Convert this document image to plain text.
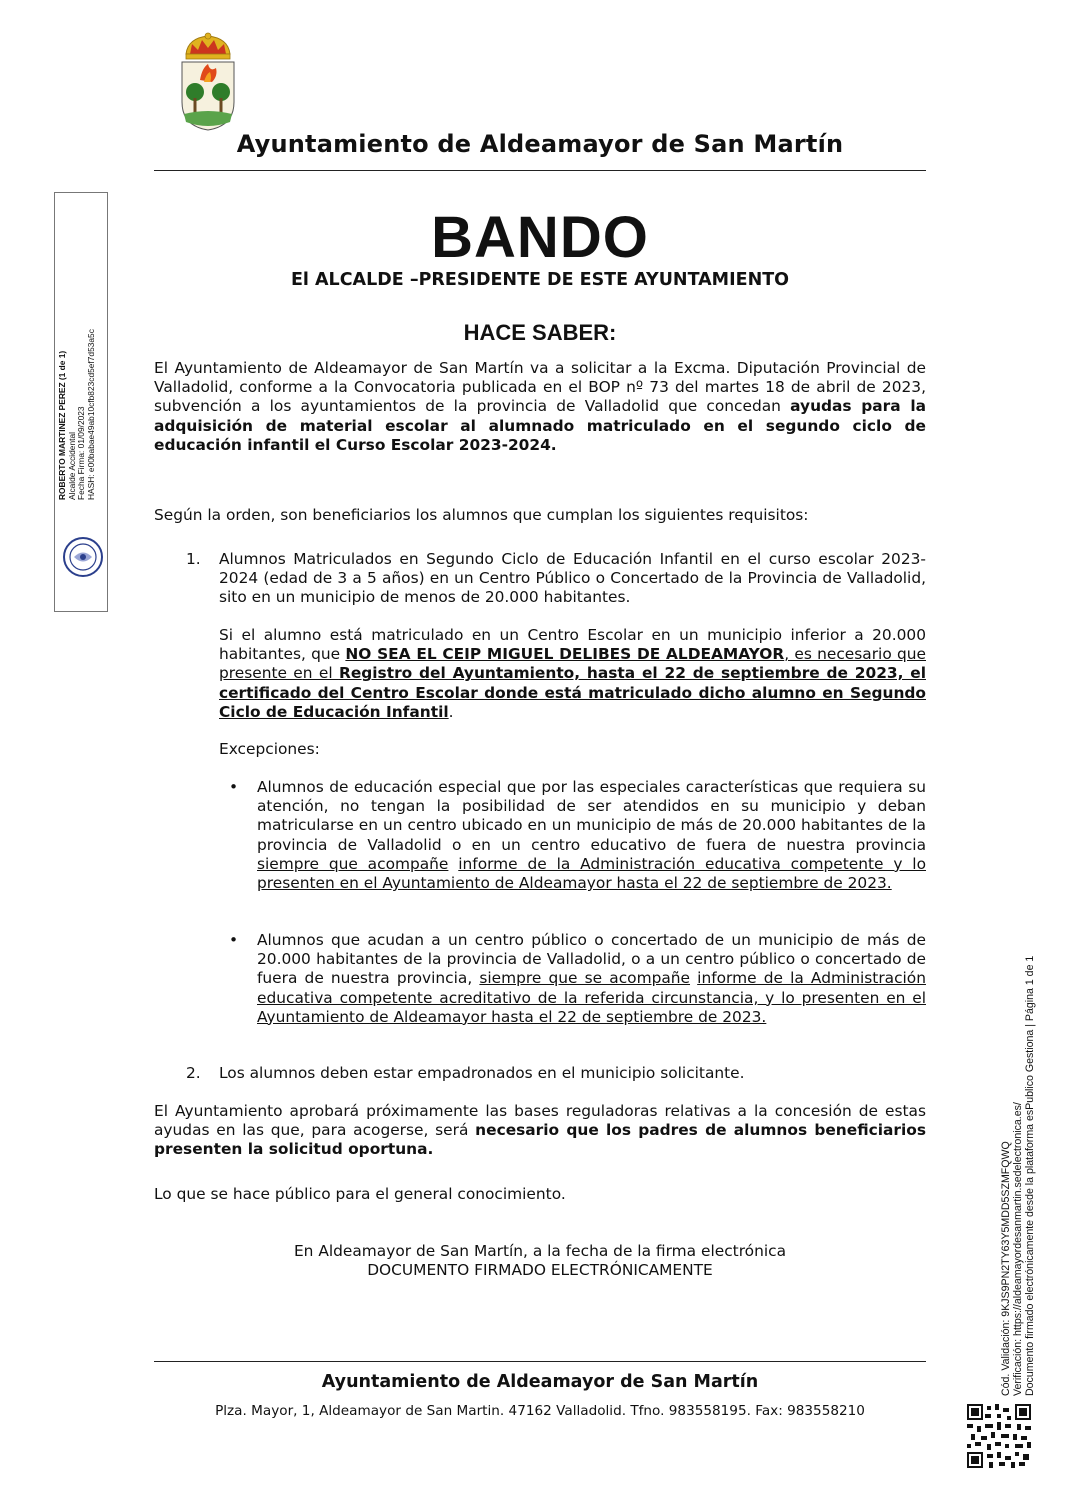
Ayuntamiento de Aldeamayor de San Martín
BANDO
El ALCALDE –PRESIDENTE DE ESTE AYUNTAMIENTO
HACE SABER:
El Ayuntamiento de Aldeamayor de San Martín va a solicitar a la Excma. Diputación Provincial de Valladolid, conforme a la Convocatoria publicada en el BOP nº 73 del martes 18 de abril de 2023, subvención a los ayuntamientos de la provincia de Valladolid que concedan ayudas para la adquisición de material escolar al alumnado matriculado en el segundo ciclo de educación infantil el Curso Escolar 2023-2024.
Según la orden, son beneficiarios los alumnos que cumplan los siguientes requisitos:
1. Alumnos Matriculados en Segundo Ciclo de Educación Infantil en el curso escolar 2023-2024 (edad de 3 a 5 años) en un Centro Público o Concertado de la Provincia de Valladolid, sito en un municipio de menos de 20.000 habitantes.
Si el alumno está matriculado en un Centro Escolar en un municipio inferior a 20.000 habitantes, que NO SEA EL CEIP MIGUEL DELIBES DE ALDEAMAYOR, es necesario que presente en el Registro del Ayuntamiento, hasta el 22 de septiembre de 2023, el certificado del Centro Escolar donde está matriculado dicho alumno en Segundo Ciclo de Educación Infantil.
Excepciones:
• Alumnos de educación especial que por las especiales características que requiera su atención, no tengan la posibilidad de ser atendidos en su municipio y deban matricularse en un centro ubicado en un municipio de más de 20.000 habitantes de la provincia de Valladolid o en un centro educativo de fuera de nuestra provincia siempre que acompañe informe de la Administración educativa competente y lo presenten en el Ayuntamiento de Aldeamayor hasta el 22 de septiembre de 2023.
• Alumnos que acudan a un centro público o concertado de un municipio de más de 20.000 habitantes de la provincia de Valladolid, o a un centro público o concertado de fuera de nuestra provincia, siempre que se acompañe informe de la Administración educativa competente acreditativo de la referida circunstancia, y lo presenten en el Ayuntamiento de Aldeamayor hasta el 22 de septiembre de 2023.
2. Los alumnos deben estar empadronados en el municipio solicitante.
El Ayuntamiento aprobará próximamente las bases reguladoras relativas a la concesión de estas ayudas en las que, para acogerse, será necesario que los padres de alumnos beneficiarios presenten la solicitud oportuna.
Lo que se hace público para el general conocimiento.
En Aldeamayor de San Martín, a la fecha de la firma electrónica
DOCUMENTO FIRMADO ELECTRÓNICAMENTE
Ayuntamiento de Aldeamayor de San Martín
Plza. Mayor, 1, Aldeamayor de San Martin. 47162 Valladolid. Tfno. 983558195. Fax: 983558210
ROBERTO MARTINEZ PEREZ (1 de 1) Alcalde Accidental Fecha Firma: 01/09/2023 HASH: e00babae49ab10cfb823cd5ef7d53a5c
Cód. Validación: 9KJS9PN2TY63Y5MDD5SZMFQWQ Verificación: https://aldeamayordesanmartin.sedelectronica.es/ Documento firmado electrónicamente desde la plataforma esPublico Gestiona | Página 1 de 1
